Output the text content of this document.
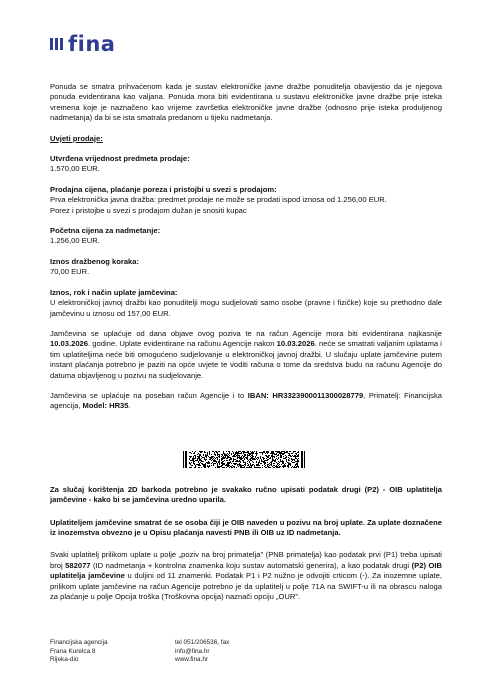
fina

Ponuda se smatra prihvaćenom kada je sustav elektroničke javne dražbe ponuditelja obavijestio da je njegova ponuda evidentirana kao valjana. Ponuda mora biti evidentirana u sustavu elektroničke javne dražbe prije isteka vremena koje je naznačeno kao vrijeme završetka elektroničke javne dražbe (odnosno prije isteka produljenog nadmetanja) da bi se ista smatrala predanom u tijeku nadmetanja.

Uvjeti prodaje:

Utvrđena vrijednost predmeta prodaje:

1.570,00 EUR.

Prodajna cijena, plaćanje poreza i pristojbi u svezi s prodajom:

Prva elektronička javna dražba: predmet prodaje ne može se prodati ispod iznosa od 1.256,00 EUR.

Porez i pristojbe u svezi s prodajom dužan je snositi kupac

Početna cijena za nadmetanje:

1.256,00 EUR.

Iznos dražbenog koraka:

70,00 EUR.

Iznos, rok i način uplate jamčevina:

U elektroničkoj javnoj dražbi kao ponuditelji mogu sudjelovati samo osobe (pravne i fizičke) koje su prethodno dale jamčevinu u iznosu od 157,00 EUR.

Jamčevina se uplaćuje od dana objave ovog poziva te na račun Agencije mora biti evidentirana najkasnije 10.03.2026. godine. Uplate evidentirane na računu Agencije nakon 10.03.2026. neće se smatrati valjanim uplatama i tim uplatiteljima neće biti omogućeno sudjelovanje u elektroničkoj javnoj dražbi. U slučaju uplate jamčevine putem instant plaćanja potrebno je paziti na opće uvjete te voditi računa o tome da sredstva budu na računu Agencije do datuma objavljenog u pozivu na sudjelovanje.

Jamčevina se uplaćuje na poseban račun Agencije i to IBAN: HR3323900011300028779, Primatelj: Financijska agencija, Model: HR35.

Za slučaj korištenja 2D barkoda potrebno je svakako ručno upisati podatak drugi (P2) - OIB uplatitelja jamčevine - kako bi se jamčevina uredno uparila.

Uplatiteljem jamčevine smatrat će se osoba čiji je OIB naveden u pozivu na broj uplate. Za uplate doznačene iz inozemstva obvezno je u Opisu plaćanja navesti PNB ili OIB uz ID nadmetanja.

Svaki uplatitelj prilikom uplate u polje „poziv na broj primatelja" (PNB primatelja) kao podatak prvi (P1) treba upisati broj 582077 (ID nadmetanja + kontrolna znamenka koju sustav automatski generira), a kao podatak drugi (P2) OIB uplatitelja jamčevine u duljini od 11 znamenki. Podatak P1 i P2 nužno je odvojiti crticom (-). Za inozemne uplate, prilikom uplate jamčevine na račun Agencije potrebno je da uplatitelj u polje 71A na SWIFT-u ili na obrascu naloga za plaćanje u polje Opcija troška (Troškovna opcija) naznači opciju „OUR".

Financijska agencija
Frana Kurelca 8
Rijeka-dio
tel 051/206536, fax
info@fina.hr
www.fina.hr
